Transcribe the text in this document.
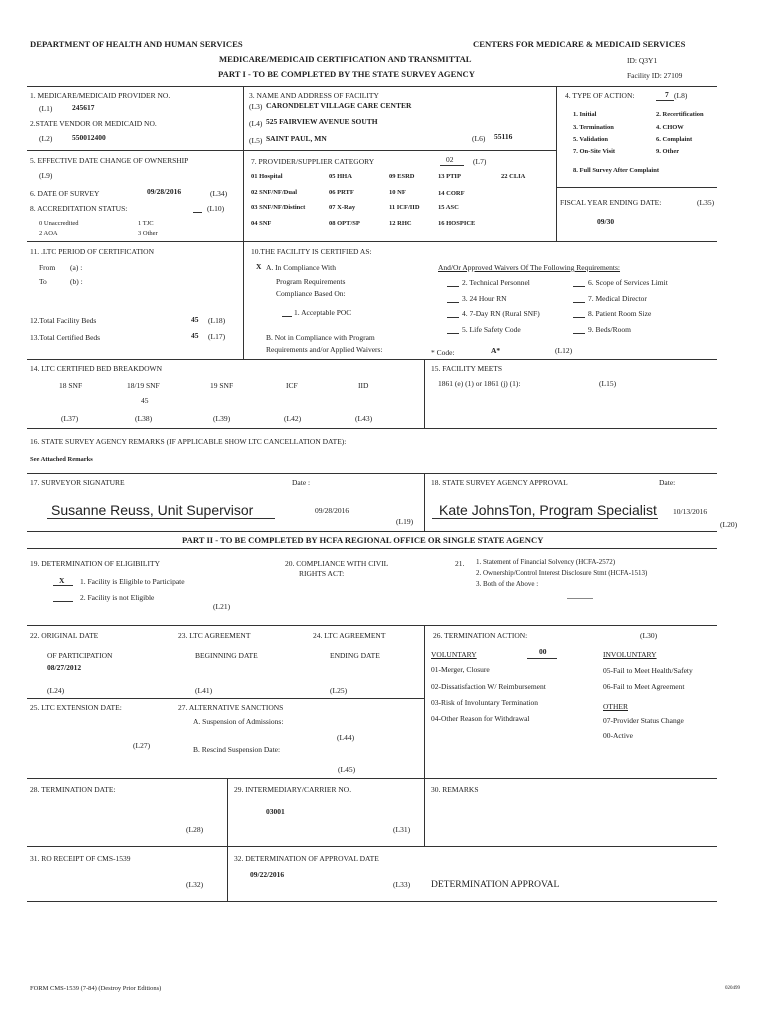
DEPARTMENT OF HEALTH AND HUMAN SERVICES	CENTERS FOR MEDICARE & MEDICAID SERVICES
MEDICARE/MEDICAID CERTIFICATION AND TRANSMITTAL	ID: Q3Y1
PART I - TO BE COMPLETED BY THE STATE SURVEY AGENCY	Facility ID: 27109
1. MEDICARE/MEDICAID PROVIDER NO.
(L1)	245617
2.STATE VENDOR OR MEDICAID NO.
(L2)	550012400
3. NAME AND ADDRESS OF FACILITY
(L3) CARONDELET VILLAGE CARE CENTER
(L4) 525 FAIRVIEW AVENUE SOUTH
(L5) SAINT PAUL, MN	(L6) 55116
4. TYPE OF ACTION:	7 (L8)
1. Initial
3. Termination
5. Validation
7. On-Site Visit
2. Recertification
4. CHOW
6. Complaint
9. Other
8. Full Survey After Complaint
5. EFFECTIVE DATE CHANGE OF OWNERSHIP
(L9)
6. DATE OF SURVEY	09/28/2016	(L34)
8. ACCREDITATION STATUS:	(L10)
0 Unaccredited	1 TJC
2 AOA	3 Other
7. PROVIDER/SUPPLIER CATEGORY	02	(L7)
01 Hospital	05 HHA	09 ESRD	13 PTIP	22 CLIA
02 SNF/NF/Dual	06 PRTF	10 NF	14 CORF
03 SNF/NF/Distinct	07 X-Ray	11 ICF/IID	15 ASC
04 SNF	08 OPT/SP	12 RHC	16 HOSPICE
FISCAL YEAR ENDING DATE:	(L35)
09/30
11. .LTC PERIOD OF CERTIFICATION
From (a) :
To	(b) :
12.Total Facility Beds	45 (L18)
13.Total Certified Beds	45 (L17)
10.THE FACILITY IS CERTIFIED AS:
X A. In Compliance With
Program Requirements
Compliance Based On:
1. Acceptable POC
B. Not in Compliance with Program
Requirements and/or Applied Waivers:
And/Or Approved Waivers Of The Following Requirements:
2. Technical Personnel
3. 24 Hour RN
4. 7-Day RN (Rural SNF)
5. Life Safety Code
6. Scope of Services Limit
7. Medical Director
8. Patient Room Size
9. Beds/Room
* Code:	A*	(L12)
14. LTC CERTIFIED BED BREAKDOWN
18 SNF	18/19 SNF	19 SNF	ICF	IID
45
(L37)	(L38)	(L39)	(L42)	(L43)
15. FACILITY MEETS
1861 (e) (1) or 1861 (j) (1):	(L15)
16. STATE SURVEY AGENCY REMARKS (IF APPLICABLE SHOW LTC CANCELLATION DATE):
See Attached Remarks
17. SURVEYOR SIGNATURE	Date :
Susanne Reuss, Unit Supervisor	09/28/2016
(L19)
18. STATE SURVEY AGENCY APPROVAL	Date:
Kate JohnsTon, Program Specialist 10/13/2016
(L20)
PART II - TO BE COMPLETED BY HCFA REGIONAL OFFICE OR SINGLE STATE AGENCY
19. DETERMINATION OF ELIGIBILITY
X 1. Facility is Eligible to Participate
2. Facility is not Eligible
(L21)
20. COMPLIANCE WITH CIVIL
RIGHTS ACT:
21. 1. Statement of Financial Solvency (HCFA-2572)
2. Ownership/Control Interest Disclosure Stmt (HCFA-1513)
3. Both of the Above :
22. ORIGINAL DATE
OF PARTICIPATION
08/27/2012
(L24)
23. LTC AGREEMENT
BEGINNING DATE
(L41)
24. LTC AGREEMENT
ENDING DATE
(L25)
26. TERMINATION ACTION:	(L30)
VOLUNTARY	00	INVOLUNTARY
01-Merger, Closure
02-Dissatisfaction W/ Reimbursement
03-Risk of Involuntary Termination
04-Other Reason for Withdrawal
05-Fail to Meet Health/Safety
06-Fail to Meet Agreement
OTHER
07-Provider Status Change
00-Active
25. LTC EXTENSION DATE:
(L27)
27. ALTERNATIVE SANCTIONS
A. Suspension of Admissions:
(L44)
B. Rescind Suspension Date:
(L45)
28. TERMINATION DATE:
(L28)
29. INTERMEDIARY/CARRIER NO.
03001
(L31)
30. REMARKS
31. RO RECEIPT OF CMS-1539
(L32)
32. DETERMINATION OF APPROVAL DATE
09/22/2016
(L33) DETERMINATION APPROVAL
FORM CMS-1539 (7-84) (Destroy Prior Editions)	020499
